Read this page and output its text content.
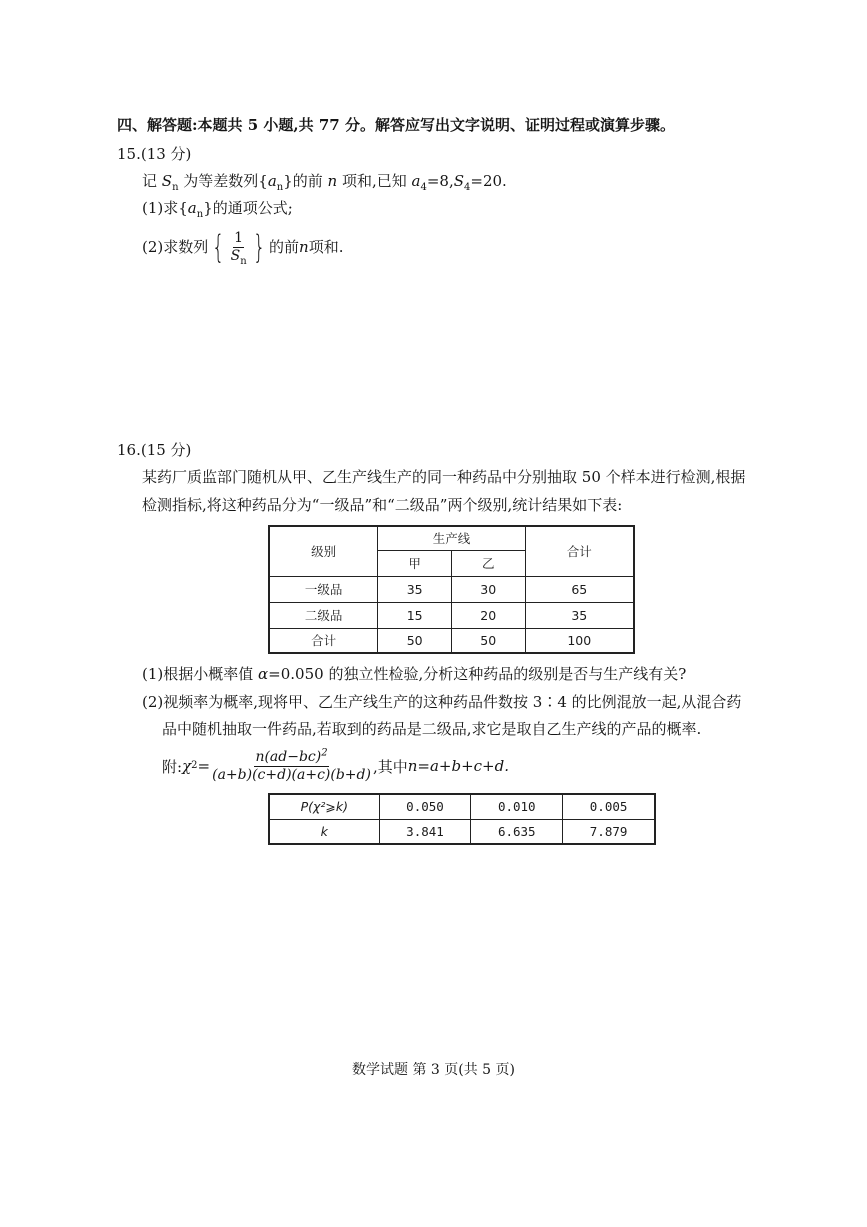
四、解答题:本题共 5 小题,共 77 分。解答应写出文字说明、证明过程或演算步骤。
15.(13 分)
记 $S_n$ 为等差数列$\{a_n\}$的前 n 项和,已知 $a_4=8,S_4=20$.
(1)求$\{a_n\}$的通项公式;
(2)求数列 { $\frac{1}{S_n}$ } 的前 n 项和.
16.(15 分)
某药厂质监部门随机从甲、乙生产线生产的同一种药品中分别抽取 50 个样本进行检测,根据
检测指标,将这种药品分为“一级品”和“二级品”两个级别,统计结果如下表:
级别	生产线		合计
	甲	乙	
一级品	35	30	65
二级品	15	20	35
合计	50	50	100
(1)根据小概率值 α=0.050 的独立性检验,分析这种药品的级别是否与生产线有关?
(2)视频率为概率,现将甲、乙生产线生产的这种药品件数按 3∶4 的比例混放一起,从混合药
品中随机抽取一件药品,若取到的药品是二级品,求它是取自乙生产线的产品的概率.
附: χ $2 = \frac{n(ad-bc)^2}{(a+b)(c+d)(a+c)(b+d)}$ ,其中 n =a+b+c+d.
P(χ²⩾k)	0.050	0.010	0.005
k	3.841	6.635	7.879
数学试题 第 3 页(共 5 页)
